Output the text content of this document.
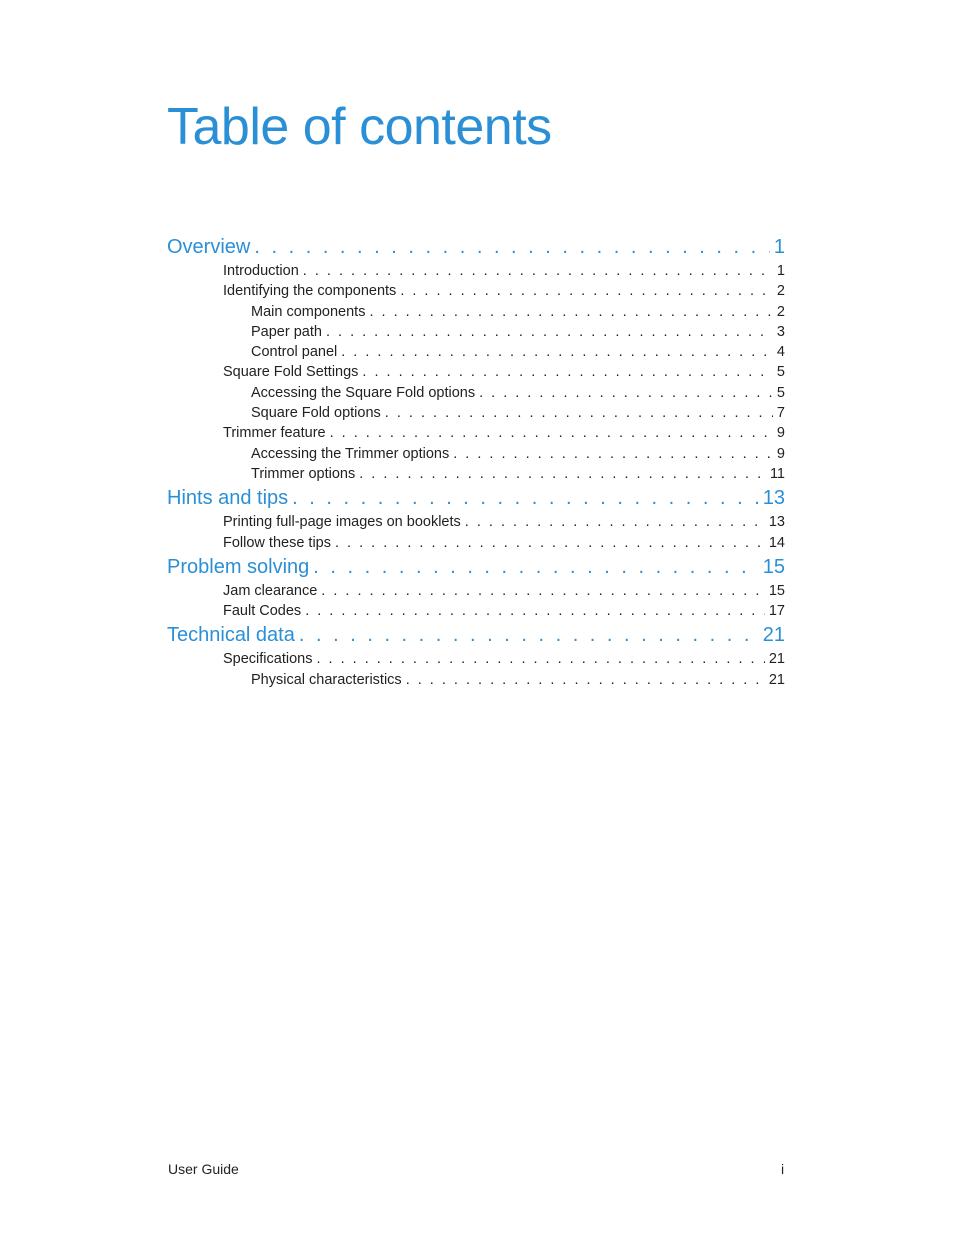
Table of contents
Overview . . .	1
Introduction . . .	1
Identifying the components . . .	2
Main components . . .	2
Paper path . . .	3
Control panel . . .	4
Square Fold Settings . . .	5
Accessing the Square Fold options . . .	5
Square Fold options . . .	7
Trimmer feature . . .	9
Accessing the Trimmer options . . .	9
Trimmer options . . .	11
Hints and tips . . .	13
Printing full-page images on booklets . . .	13
Follow these tips . . .	14
Problem solving . . .	15
Jam clearance . . .	15
Fault Codes . . .	17
Technical data . . .	21
Specifications . . .	21
Physical characteristics . . .	21
User Guide	i
